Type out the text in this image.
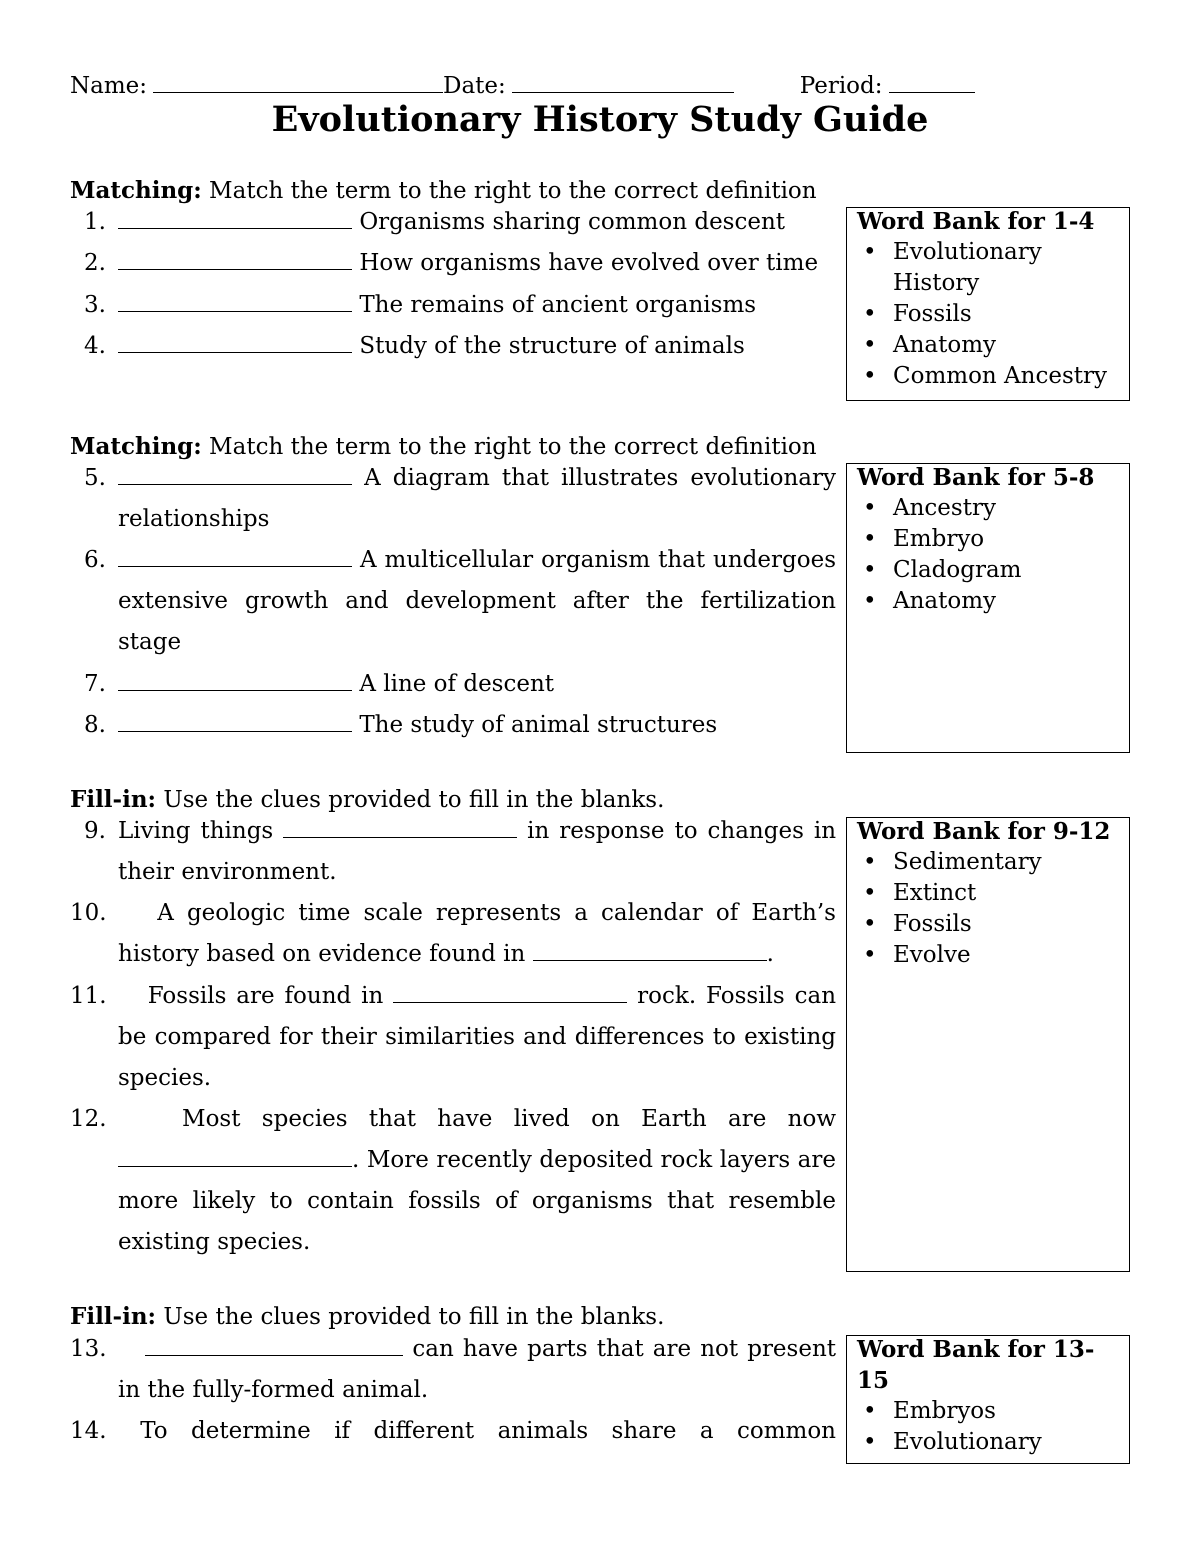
Name:	Date:	Period:
Evolutionary History Study Guide
Matching: Match the term to the right to the correct definition
1.	Organisms sharing common descent
2.	How organisms have evolved over time
3.	The remains of ancient organisms
4.	Study of the structure of animals
Word Bank for 1-4
• Evolutionary History
• Fossils
• Anatomy
• Common Ancestry
Matching: Match the term to the right to the correct definition
5.	A diagram that illustrates evolutionary relationships
6.	A multicellular organism that undergoes extensive growth and development after the fertilization stage
7.	A line of descent
8.	The study of animal structures
Word Bank for 5-8
• Ancestry
• Embryo
• Cladogram
• Anatomy
Fill-in: Use the clues provided to fill in the blanks.
9. Living things	in response to changes in their environment.
10.	A geologic time scale represents a calendar of Earth’s history based on evidence found in	.
11.	Fossils are found in	rock. Fossils can be compared for their similarities and differences to existing species.
12.	Most species that have lived on Earth are now . More recently deposited rock layers are more likely to contain fossils of organisms that resemble existing species.
Word Bank for 9-12
• Sedimentary
• Extinct
• Fossils
• Evolve
Fill-in: Use the clues provided to fill in the blanks.
13.	can have parts that are not present in the fully-formed animal.
14.	To determine if different animals share a common
Word Bank for 13-15
• Embryos
• Evolutionary
